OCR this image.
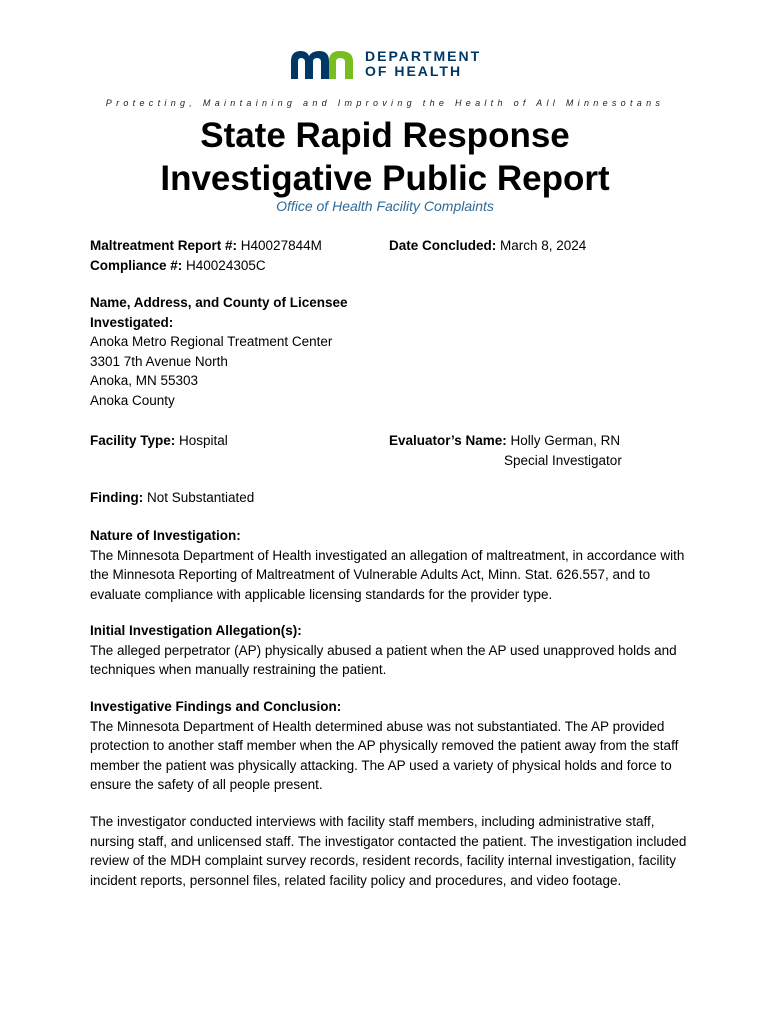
DEPARTMENT
OF HEALTH
Protecting, Maintaining and Improving the Health of All Minnesotans
State Rapid Response
Investigative Public Report
Office of Health Facility Complaints
Maltreatment Report #: H40027844M
Compliance #: H40024305C
Date Concluded: March 8, 2024
Name, Address, and County of Licensee
Investigated:
Anoka Metro Regional Treatment Center
3301 7th Avenue North
Anoka, MN 55303
Anoka County
Facility Type: Hospital	Evaluator’s Name: Holly German, RN
Special Investigator
Finding: Not Substantiated
Nature of Investigation:
The Minnesota Department of Health investigated an allegation of maltreatment, in accordance with the Minnesota Reporting of Maltreatment of Vulnerable Adults Act, Minn. Stat. 626.557, and to evaluate compliance with applicable licensing standards for the provider type.
Initial Investigation Allegation(s):
The alleged perpetrator (AP) physically abused a patient when the AP used unapproved holds and techniques when manually restraining the patient.
Investigative Findings and Conclusion:
The Minnesota Department of Health determined abuse was not substantiated. The AP provided protection to another staff member when the AP physically removed the patient away from the staff member the patient was physically attacking. The AP used a variety of physical holds and force to ensure the safety of all people present.
The investigator conducted interviews with facility staff members, including administrative staff, nursing staff, and unlicensed staff. The investigator contacted the patient. The investigation included review of the MDH complaint survey records, resident records, facility internal investigation, facility incident reports, personnel files, related facility policy and procedures, and video footage.
